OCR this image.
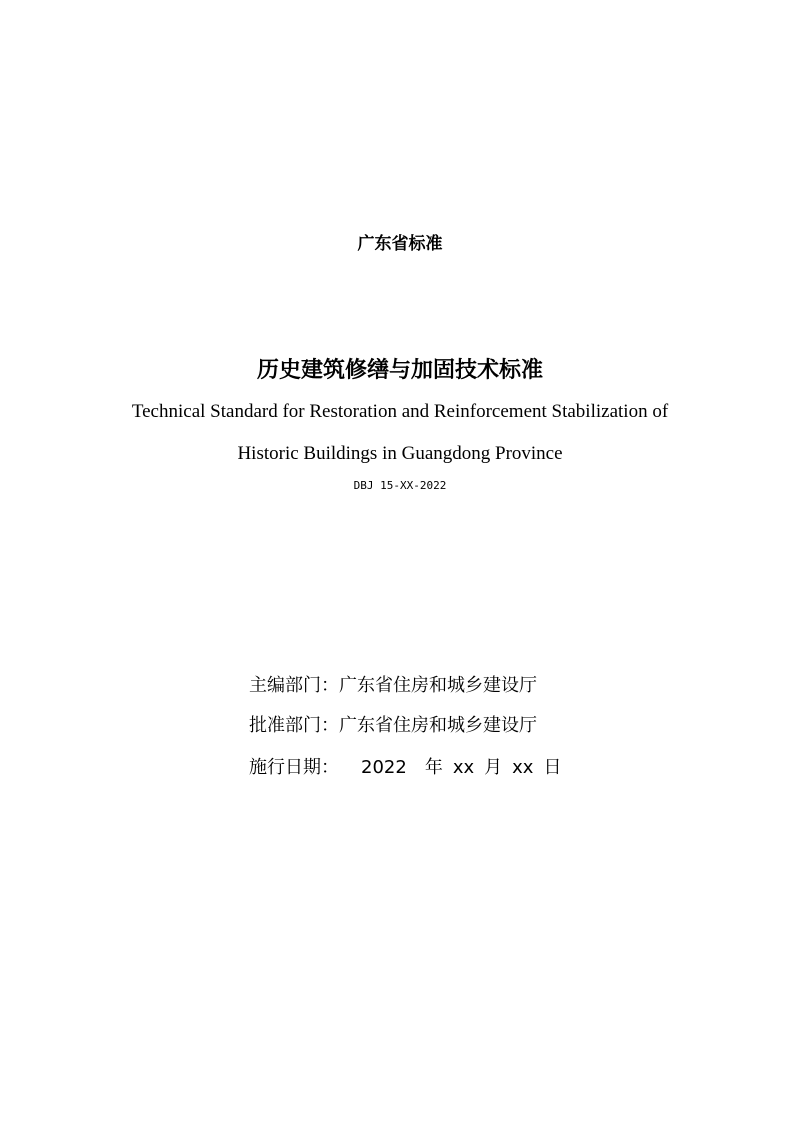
广东省标准
历史建筑修缮与加固技术标准
Technical Standard for Restoration and Reinforcement Stabilization of
Historic Buildings in Guangdong Province
DBJ 15-XX-2022
主编部门：广东省住房和城乡建设厅
批准部门：广东省住房和城乡建设厅
施行日期： 2022 年 xx 月 xx 日
